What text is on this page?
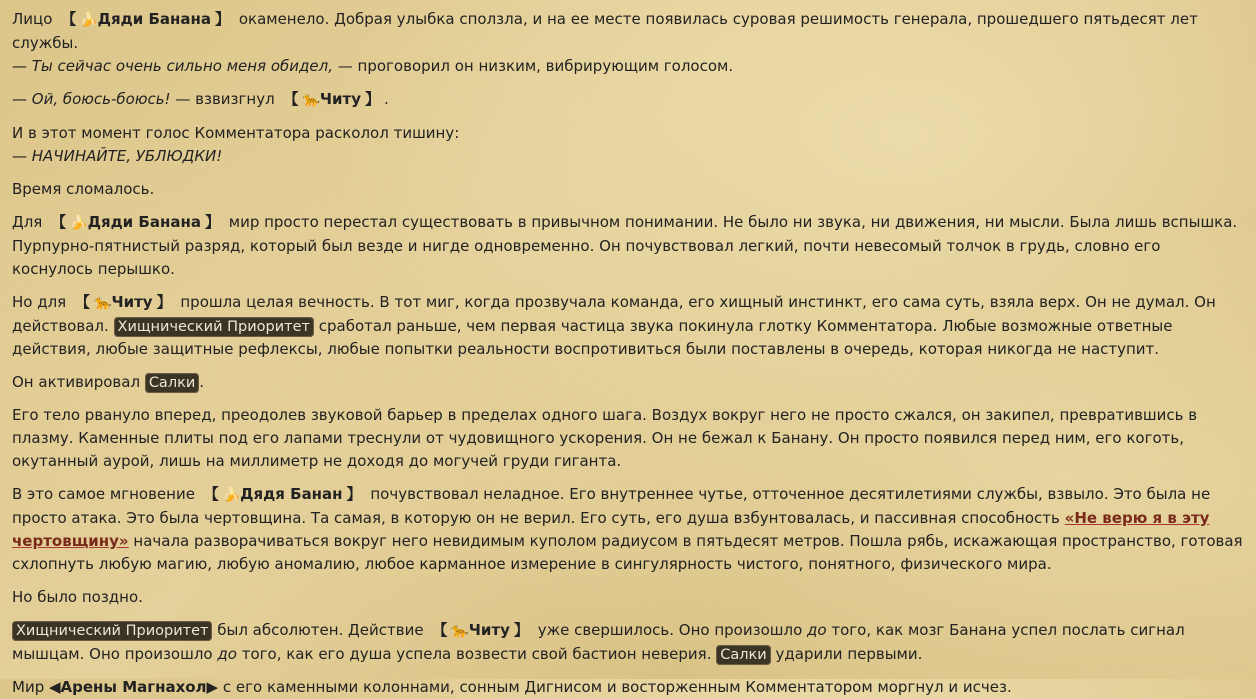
Лицо 【 🍌Дяди Банана 】 окаменело. Добрая улыбка сползла, и на ее месте появилась суровая решимость генерала, прошедшего пятьдесят лет службы.
— Ты сейчас очень сильно меня обидел, — проговорил он низким, вибрирующим голосом.

— Ой, боюсь-боюсь! — взвизгнул 【 🐆Читу 】 .

И в этот момент голос Комментатора расколол тишину:
— НАЧИНАЙТЕ, УБЛЮДКИ!

Время сломалось.

Для 【 🍌Дяди Банана 】 мир просто перестал существовать в привычном понимании. Не было ни звука, ни движения, ни мысли. Была лишь вспышка. Пурпурно-пятнистый разряд, который был везде и нигде одновременно. Он почувствовал легкий, почти невесомый толчок в грудь, словно его коснулось перышко.

Но для 【 🐆Читу 】 прошла целая вечность. В тот миг, когда прозвучала команда, его хищный инстинкт, его сама суть, взяла верх. Он не думал. Он действовал. Хищнический Приоритет сработал раньше, чем первая частица звука покинула глотку Комментатора. Любые возможные ответные действия, любые защитные рефлексы, любые попытки реальности воспротивиться были поставлены в очередь, которая никогда не наступит.

Он активировал Салки .

Его тело рвануло вперед, преодолев звуковой барьер в пределах одного шага. Воздух вокруг него не просто сжался, он закипел, превратившись в плазму. Каменные плиты под его лапами треснули от чудовищного ускорения. Он не бежал к Банану. Он просто появился перед ним, его коготь, окутанный аурой, лишь на миллиметр не доходя до могучей груди гиганта.

В это самое мгновение 【 🍌Дядя Банан 】 почувствовал неладное. Его внутреннее чутье, отточенное десятилетиями службы, взвыло. Это была не просто атака. Это была чертовщина. Та самая, в которую он не верил. Его суть, его душа взбунтовалась, и пассивная способность «Не верю я в эту чертовщину» начала разворачиваться вокруг него невидимым куполом радиусом в пятьдесят метров. Пошла рябь, искажающая пространство, готовая схлопнуть любую магию, любую аномалию, любое карманное измерение в сингулярность чистого, понятного, физического мира.

Но было поздно.

Хищнический Приоритет был абсолютен. Действие 【 🐆Читу 】 уже свершилось. Оно произошло до того, как мозг Банана успел послать сигнал мышцам. Оно произошло до того, как его душа успела возвести свой бастион неверия. Салки ударили первыми.

Мир ◀Арены Магнахол▶ с его каменными колоннами, сонным Дигнисом и восторженным Комментатором моргнул и исчез.
